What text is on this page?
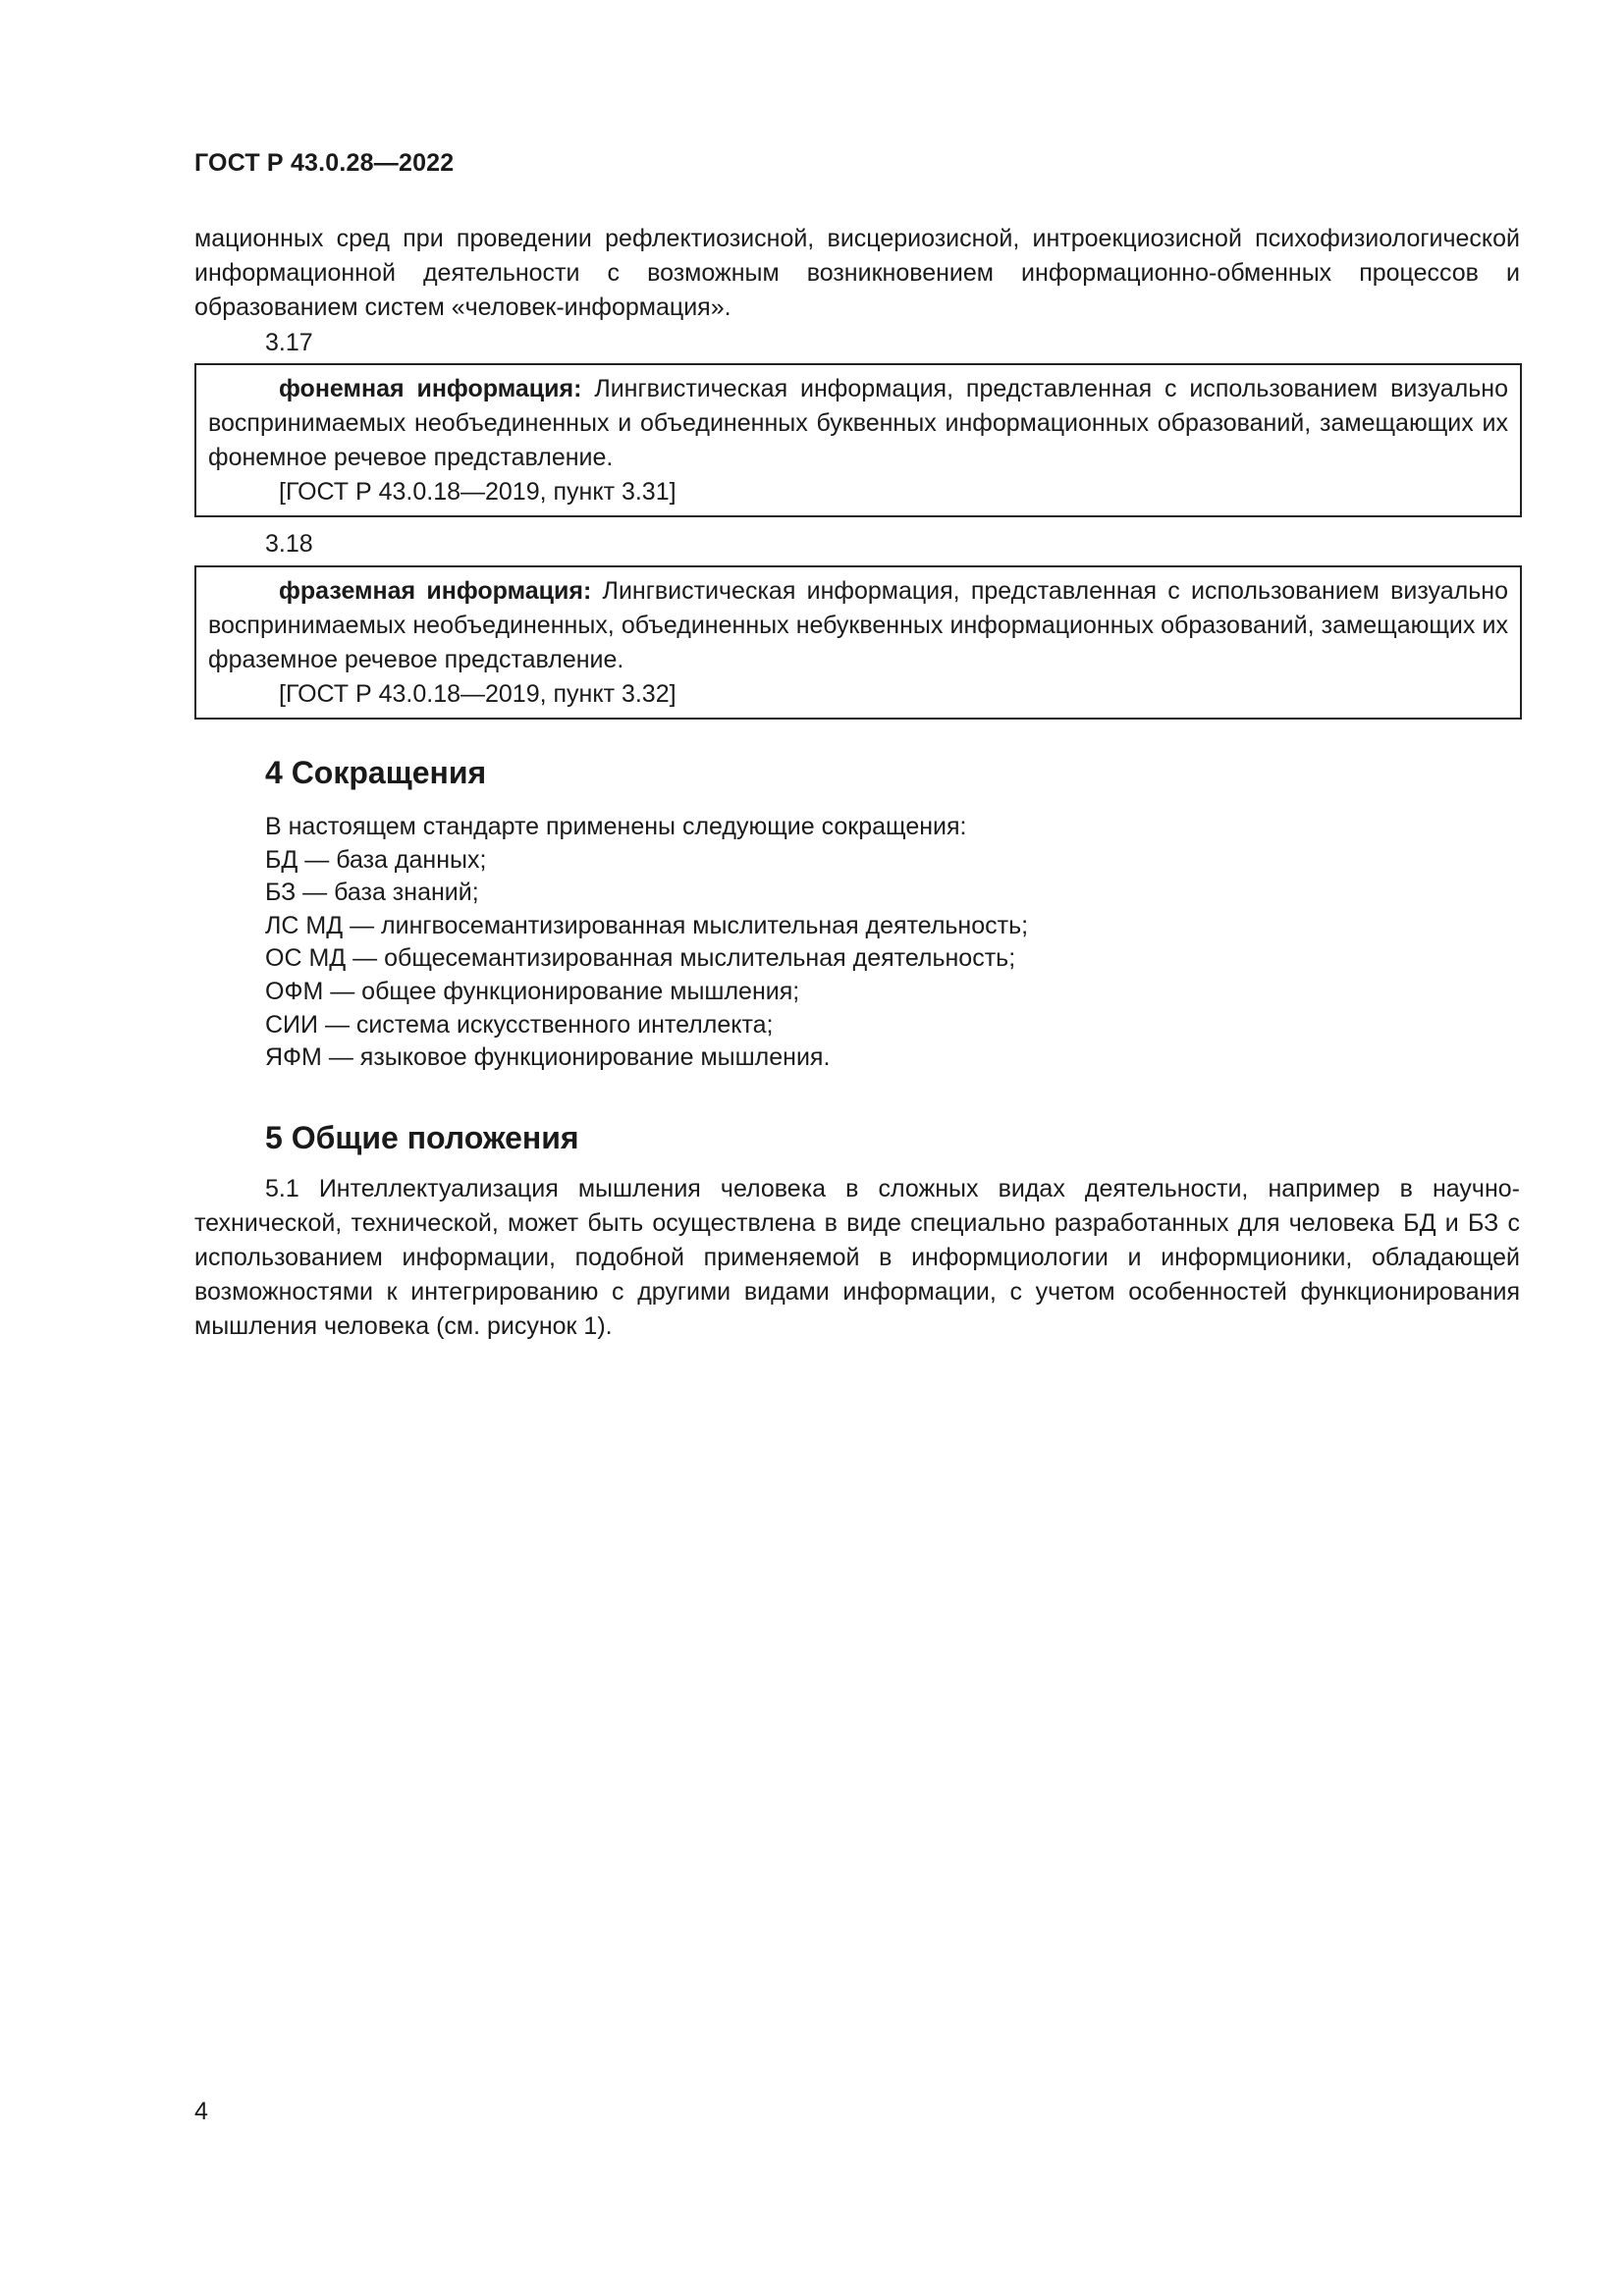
ГОСТ Р 43.0.28—2022

мационных сред при проведении рефлектиозисной, висцериозисной, интроекциозисной психофизиологической информационной деятельности с возможным возникновением информационно-обменных процессов и образованием систем «человек-информация».

3.17

фонемная информация: Лингвистическая информация, представленная с использованием визуально воспринимаемых необъединенных и объединенных буквенных информационных образований, замещающих их фонемное речевое представление.

[ГОСТ Р 43.0.18—2019, пункт 3.31]

3.18

фраземная информация: Лингвистическая информация, представленная с использованием визуально воспринимаемых необъединенных, объединенных небуквенных информационных образований, замещающих их фраземное речевое представление.

[ГОСТ Р 43.0.18—2019, пункт 3.32]

4 Сокращения

В настоящем стандарте применены следующие сокращения:

БД — база данных;

БЗ — база знаний;

ЛС МД — лингвосемантизированная мыслительная деятельность;

ОС МД — общесемантизированная мыслительная деятельность;

ОФМ — общее функционирование мышления;

СИИ — система искусственного интеллекта;

ЯФМ — языковое функционирование мышления.

5 Общие положения

5.1 Интеллектуализация мышления человека в сложных видах деятельности, например в научно-технической, технической, может быть осуществлена в виде специально разработанных для человека БД и БЗ с использованием информации, подобной применяемой в информциологии и информционики, обладающей возможностями к интегрированию с другими видами информации, с учетом особенностей функционирования мышления человека (см. рисунок 1).

4
